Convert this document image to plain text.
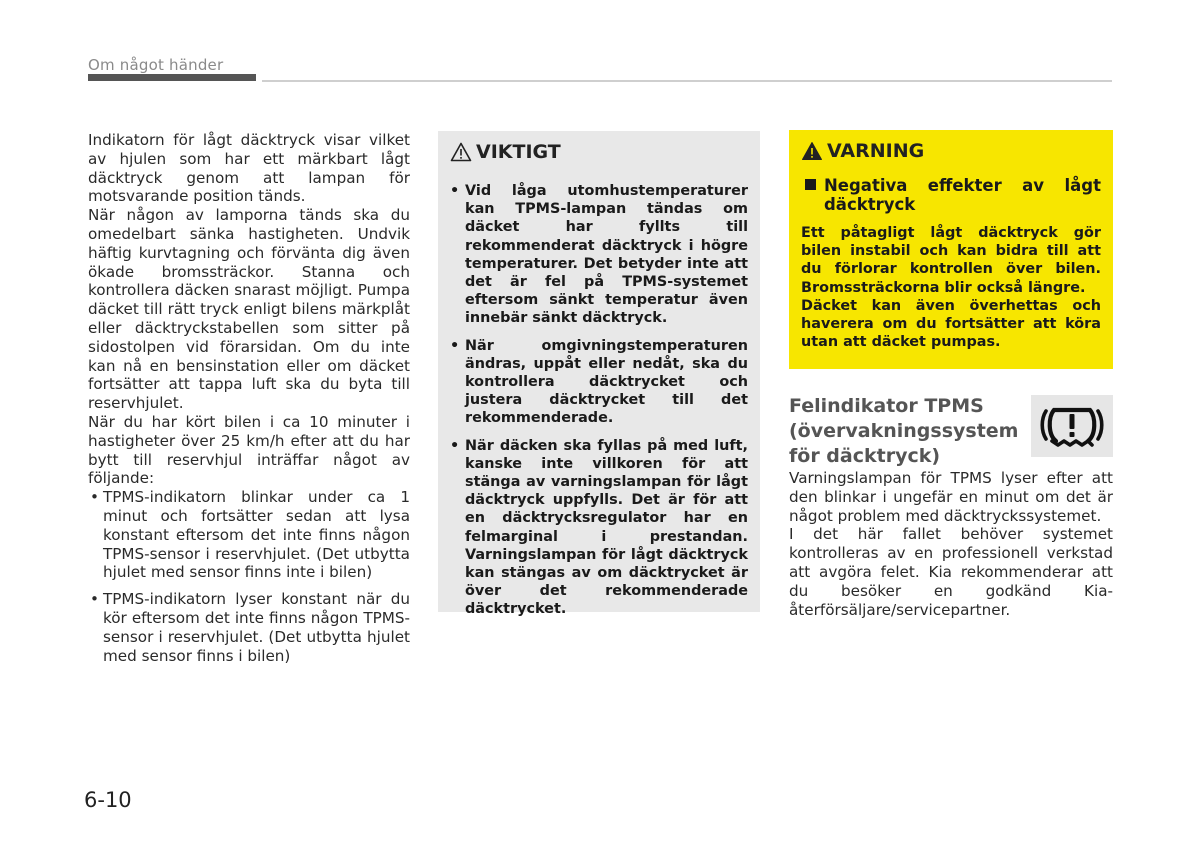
Om något händer

Indikatorn för lågt däcktryck visar vilket av hjulen som har ett märkbart lågt däcktryck genom att lampan för motsvarande position tänds.

När någon av lamporna tänds ska du omedelbart sänka hastigheten. Undvik häftig kurvtagning och förvänta dig även ökade bromssträckor. Stanna och kontrollera däcken snarast möjligt. Pumpa däcket till rätt tryck enligt bilens märkplåt eller däcktryckstabellen som sitter på sidostolpen vid förarsidan. Om du inte kan nå en bensinstation eller om däcket fortsätter att tappa luft ska du byta till reservhjulet.

När du har kört bilen i ca 10 minuter i hastigheter över 25 km/h efter att du har bytt till reservhjul inträffar något av följande:

• TPMS-indikatorn blinkar under ca 1 minut och fortsätter sedan att lysa konstant eftersom det inte finns någon TPMS-sensor i reservhjulet. (Det utbytta hjulet med sensor finns inte i bilen)
• TPMS-indikatorn lyser konstant när du kör eftersom det inte finns någon TPMS-sensor i reservhjulet. (Det utbytta hjulet med sensor finns i bilen)
VIKTIGT
• Vid låga utomhustemperaturer kan TPMS-lampan tändas om däcket har fyllts till rekommenderat däcktryck i högre temperaturer. Det betyder inte att det är fel på TPMS-systemet eftersom sänkt temperatur även innebär sänkt däcktryck.
• När omgivningstemperaturen ändras, uppåt eller nedåt, ska du kontrollera däcktrycket och justera däcktrycket till det rekommenderade.
• När däcken ska fyllas på med luft, kanske inte villkoren för att stänga av varningslampan för lågt däcktryck uppfylls. Det är för att en däcktrycksregulator har en felmarginal i prestandan. Varningslampan för lågt däcktryck kan stängas av om däcktrycket är över det rekommenderade däcktrycket.
VARNING
Negativa effekter av lågt däcktryck

Ett påtagligt lågt däcktryck gör bilen instabil och kan bidra till att du förlorar kontrollen över bilen. Bromssträckorna blir också längre.

Däcket kan även överhettas och haverera om du fortsätter att köra utan att däcket pumpas.

Felindikator TPMS (övervakningssystem för däcktryck)

Varningslampan för TPMS lyser efter att den blinkar i ungefär en minut om det är något problem med däcktryckssystemet.

I det här fallet behöver systemet kontrolleras av en professionell verkstad att avgöra felet. Kia rekommenderar att du besöker en godkänd Kia-återförsäljare/servicepartner.

6-10
